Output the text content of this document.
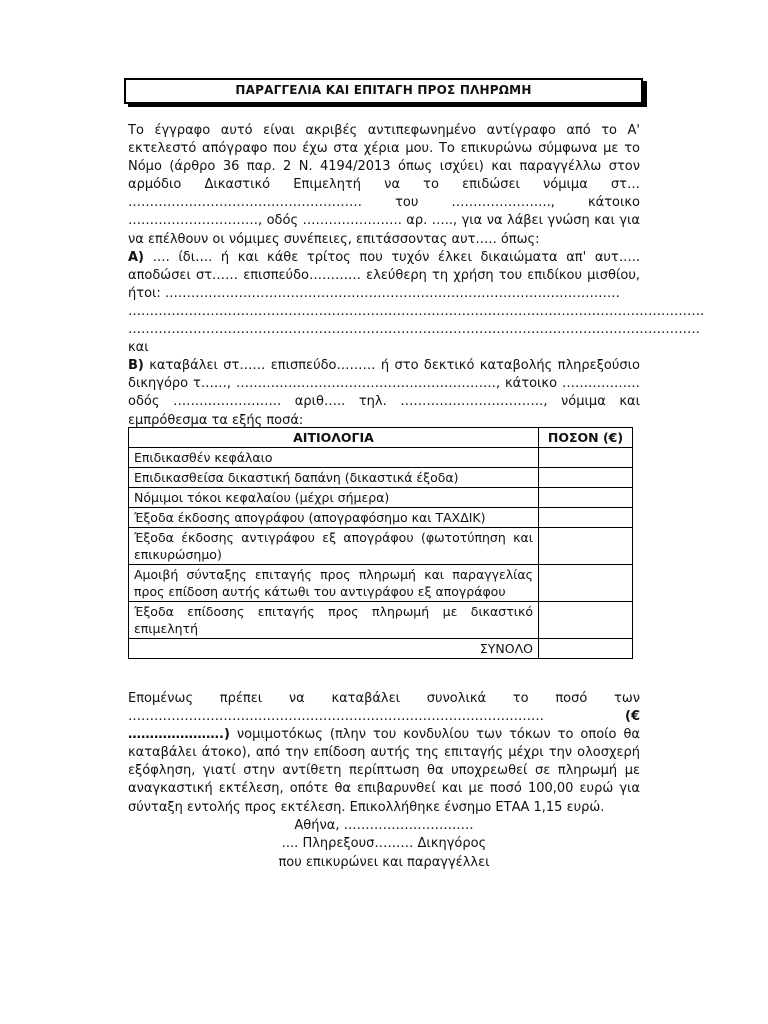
ΠΑΡΑΓΓΕΛΙΑ ΚΑΙ ΕΠΙΤΑΓΗ ΠΡΟΣ ΠΛΗΡΩΜΗ

Το έγγραφο αυτό είναι ακριβές αντιπεφωνημένο αντίγραφο από το Α' εκτελεστό απόγραφο που έχω στα χέρια μου. Το επικυρώνω σύμφωνα με το Νόμο (άρθρο 36 παρ. 2 Ν. 4194/2013 όπως ισχύει) και παραγγέλλω στον αρμόδιο Δικαστικό Επιμελητή να το επιδώσει νόμιμα στ… ……………………………………………… του ………………….., κάτοικο …………………………, οδός ………………….. αρ. ….., για να λάβει γνώση και για να επέλθουν οι νόμιμες συνέπειες, επιτάσσοντας αυτ….. όπως:

Α) …. ίδι…. ή και κάθε τρίτος που τυχόν έλκει δικαιώματα απ' αυτ….. αποδώσει στ…… επισπεύδο………… ελεύθερη τη χρήση του επιδίκου μισθίου, ήτοι: ……………………………………………………………………………………………

…………………………………………………………………………………………………………………….

……………………………………………………………………………………………………………………

και

Β) καταβάλει στ…… επισπεύδο……… ή στο δεκτικό καταβολής πληρεξούσιο δικηγόρο τ……, ……………………………………………………, κάτοικο ……………… οδός ……………………. αριθ….. τηλ. ……………………………, νόμιμα και εμπρόθεσμα τα εξής ποσά:

ΑΙΤΙΟΛΟΓΙΑ	ΠΟΣΟΝ (€)
Επιδικασθέν κεφάλαιο	
Επιδικασθείσα δικαστική δαπάνη (δικαστικά έξοδα)	
Νόμιμοι τόκοι κεφαλαίου (μέχρι σήμερα)	
Έξοδα έκδοσης απογράφου (απογραφόσημο και ΤΑΧΔΙΚ)	
Έξοδα έκδοσης αντιγράφου εξ απογράφου (φωτοτύπηση και επικυρώσημο)	
Αμοιβή σύνταξης επιταγής προς πληρωμή και παραγγελίας προς επίδοση αυτής κάτωθι του αντιγράφου εξ απογράφου	
Έξοδα επίδοσης επιταγής προς πληρωμή με δικαστικό επιμελητή	
ΣΥΝΟΛΟ	

Επομένως πρέπει να καταβάλει συνολικά το ποσό των …………………………………………………………………………………… (€ ………………….) νομιμοτόκως (πλην του κονδυλίου των τόκων το οποίο θα καταβάλει άτοκο), από την επίδοση αυτής της επιταγής μέχρι την ολοσχερή εξόφληση, γιατί στην αντίθετη περίπτωση θα υποχρεωθεί σε πληρωμή με αναγκαστική εκτέλεση, οπότε θα επιβαρυνθεί και με ποσό 100,00 ευρώ για σύνταξη εντολής προς εκτέλεση. Επικολλήθηκε ένσημο ΕΤΑΑ 1,15 ευρώ.

Αθήνα, …………………………
.... Πληρεξουσ……… Δικηγόρος
που επικυρώνει και παραγγέλλει
